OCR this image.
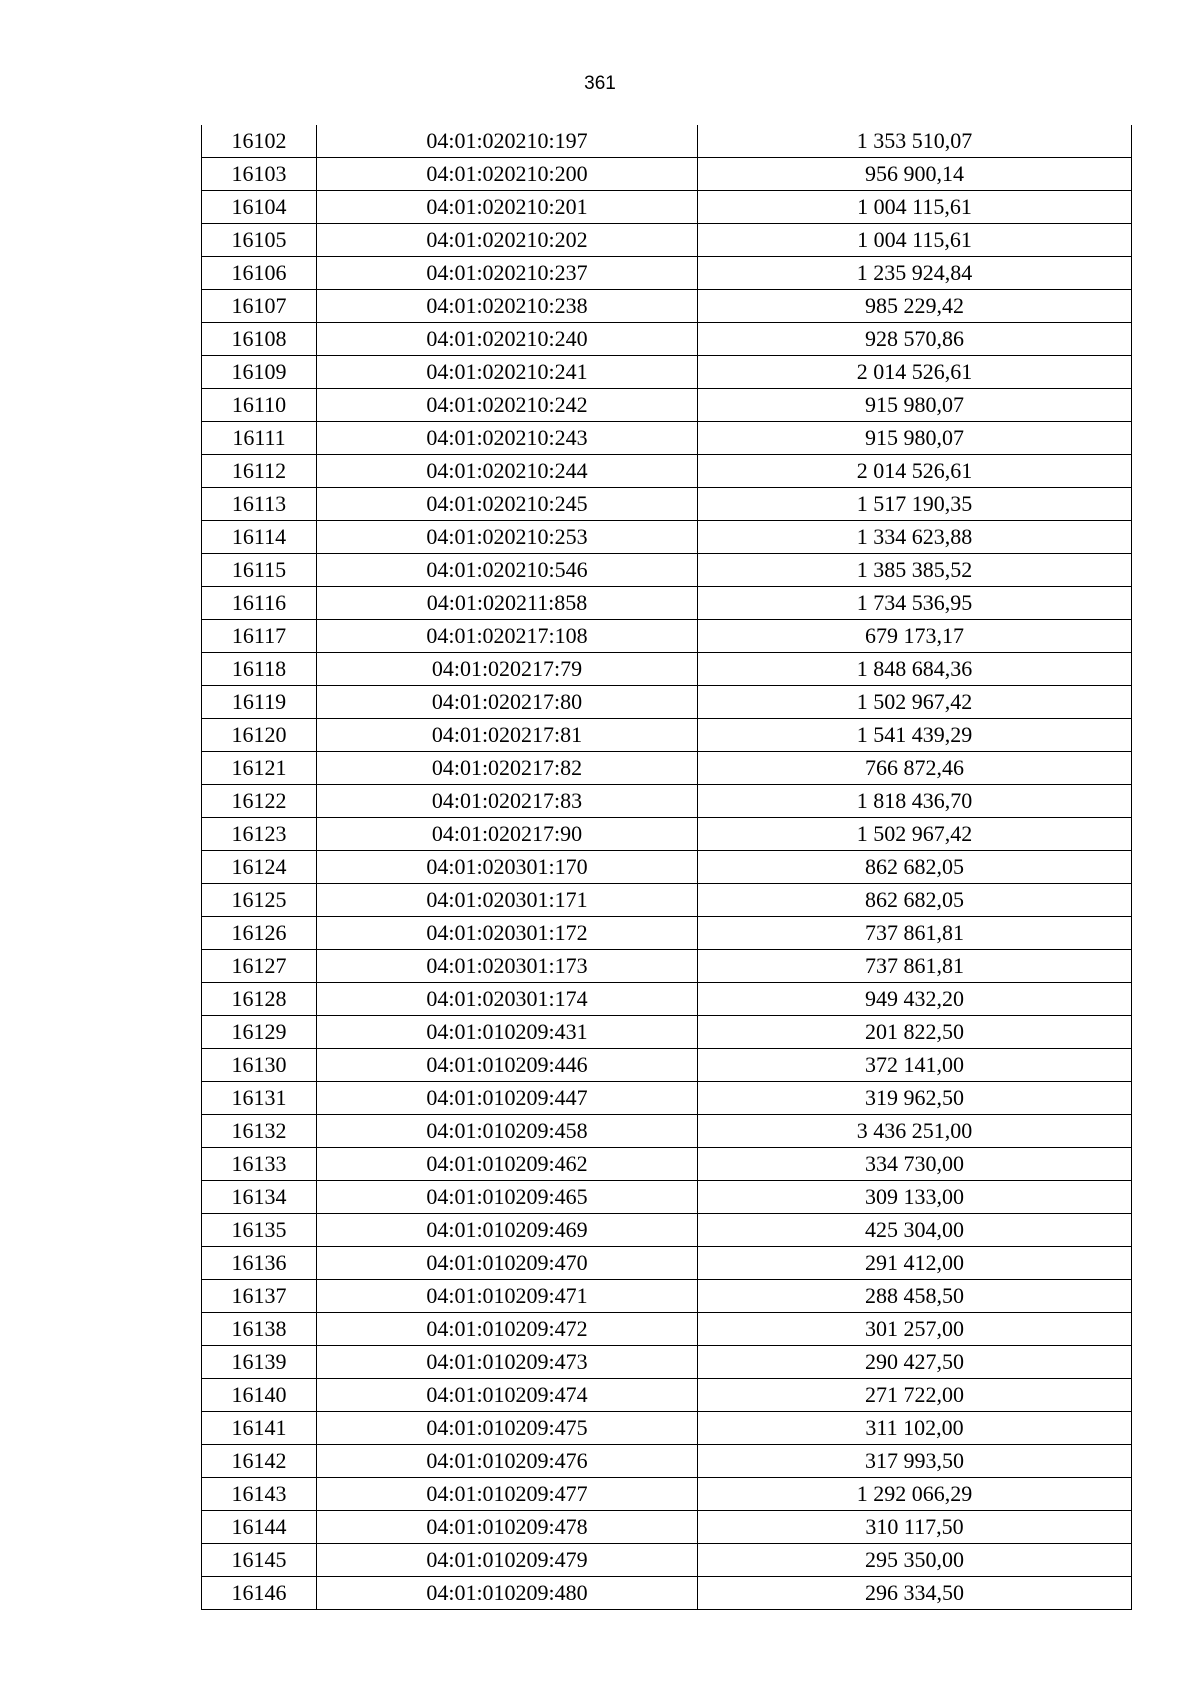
361
16102	04:01:020210:197	1 353 510,07
16103	04:01:020210:200	956 900,14
16104	04:01:020210:201	1 004 115,61
16105	04:01:020210:202	1 004 115,61
16106	04:01:020210:237	1 235 924,84
16107	04:01:020210:238	985 229,42
16108	04:01:020210:240	928 570,86
16109	04:01:020210:241	2 014 526,61
16110	04:01:020210:242	915 980,07
16111	04:01:020210:243	915 980,07
16112	04:01:020210:244	2 014 526,61
16113	04:01:020210:245	1 517 190,35
16114	04:01:020210:253	1 334 623,88
16115	04:01:020210:546	1 385 385,52
16116	04:01:020211:858	1 734 536,95
16117	04:01:020217:108	679 173,17
16118	04:01:020217:79	1 848 684,36
16119	04:01:020217:80	1 502 967,42
16120	04:01:020217:81	1 541 439,29
16121	04:01:020217:82	766 872,46
16122	04:01:020217:83	1 818 436,70
16123	04:01:020217:90	1 502 967,42
16124	04:01:020301:170	862 682,05
16125	04:01:020301:171	862 682,05
16126	04:01:020301:172	737 861,81
16127	04:01:020301:173	737 861,81
16128	04:01:020301:174	949 432,20
16129	04:01:010209:431	201 822,50
16130	04:01:010209:446	372 141,00
16131	04:01:010209:447	319 962,50
16132	04:01:010209:458	3 436 251,00
16133	04:01:010209:462	334 730,00
16134	04:01:010209:465	309 133,00
16135	04:01:010209:469	425 304,00
16136	04:01:010209:470	291 412,00
16137	04:01:010209:471	288 458,50
16138	04:01:010209:472	301 257,00
16139	04:01:010209:473	290 427,50
16140	04:01:010209:474	271 722,00
16141	04:01:010209:475	311 102,00
16142	04:01:010209:476	317 993,50
16143	04:01:010209:477	1 292 066,29
16144	04:01:010209:478	310 117,50
16145	04:01:010209:479	295 350,00
16146	04:01:010209:480	296 334,50
